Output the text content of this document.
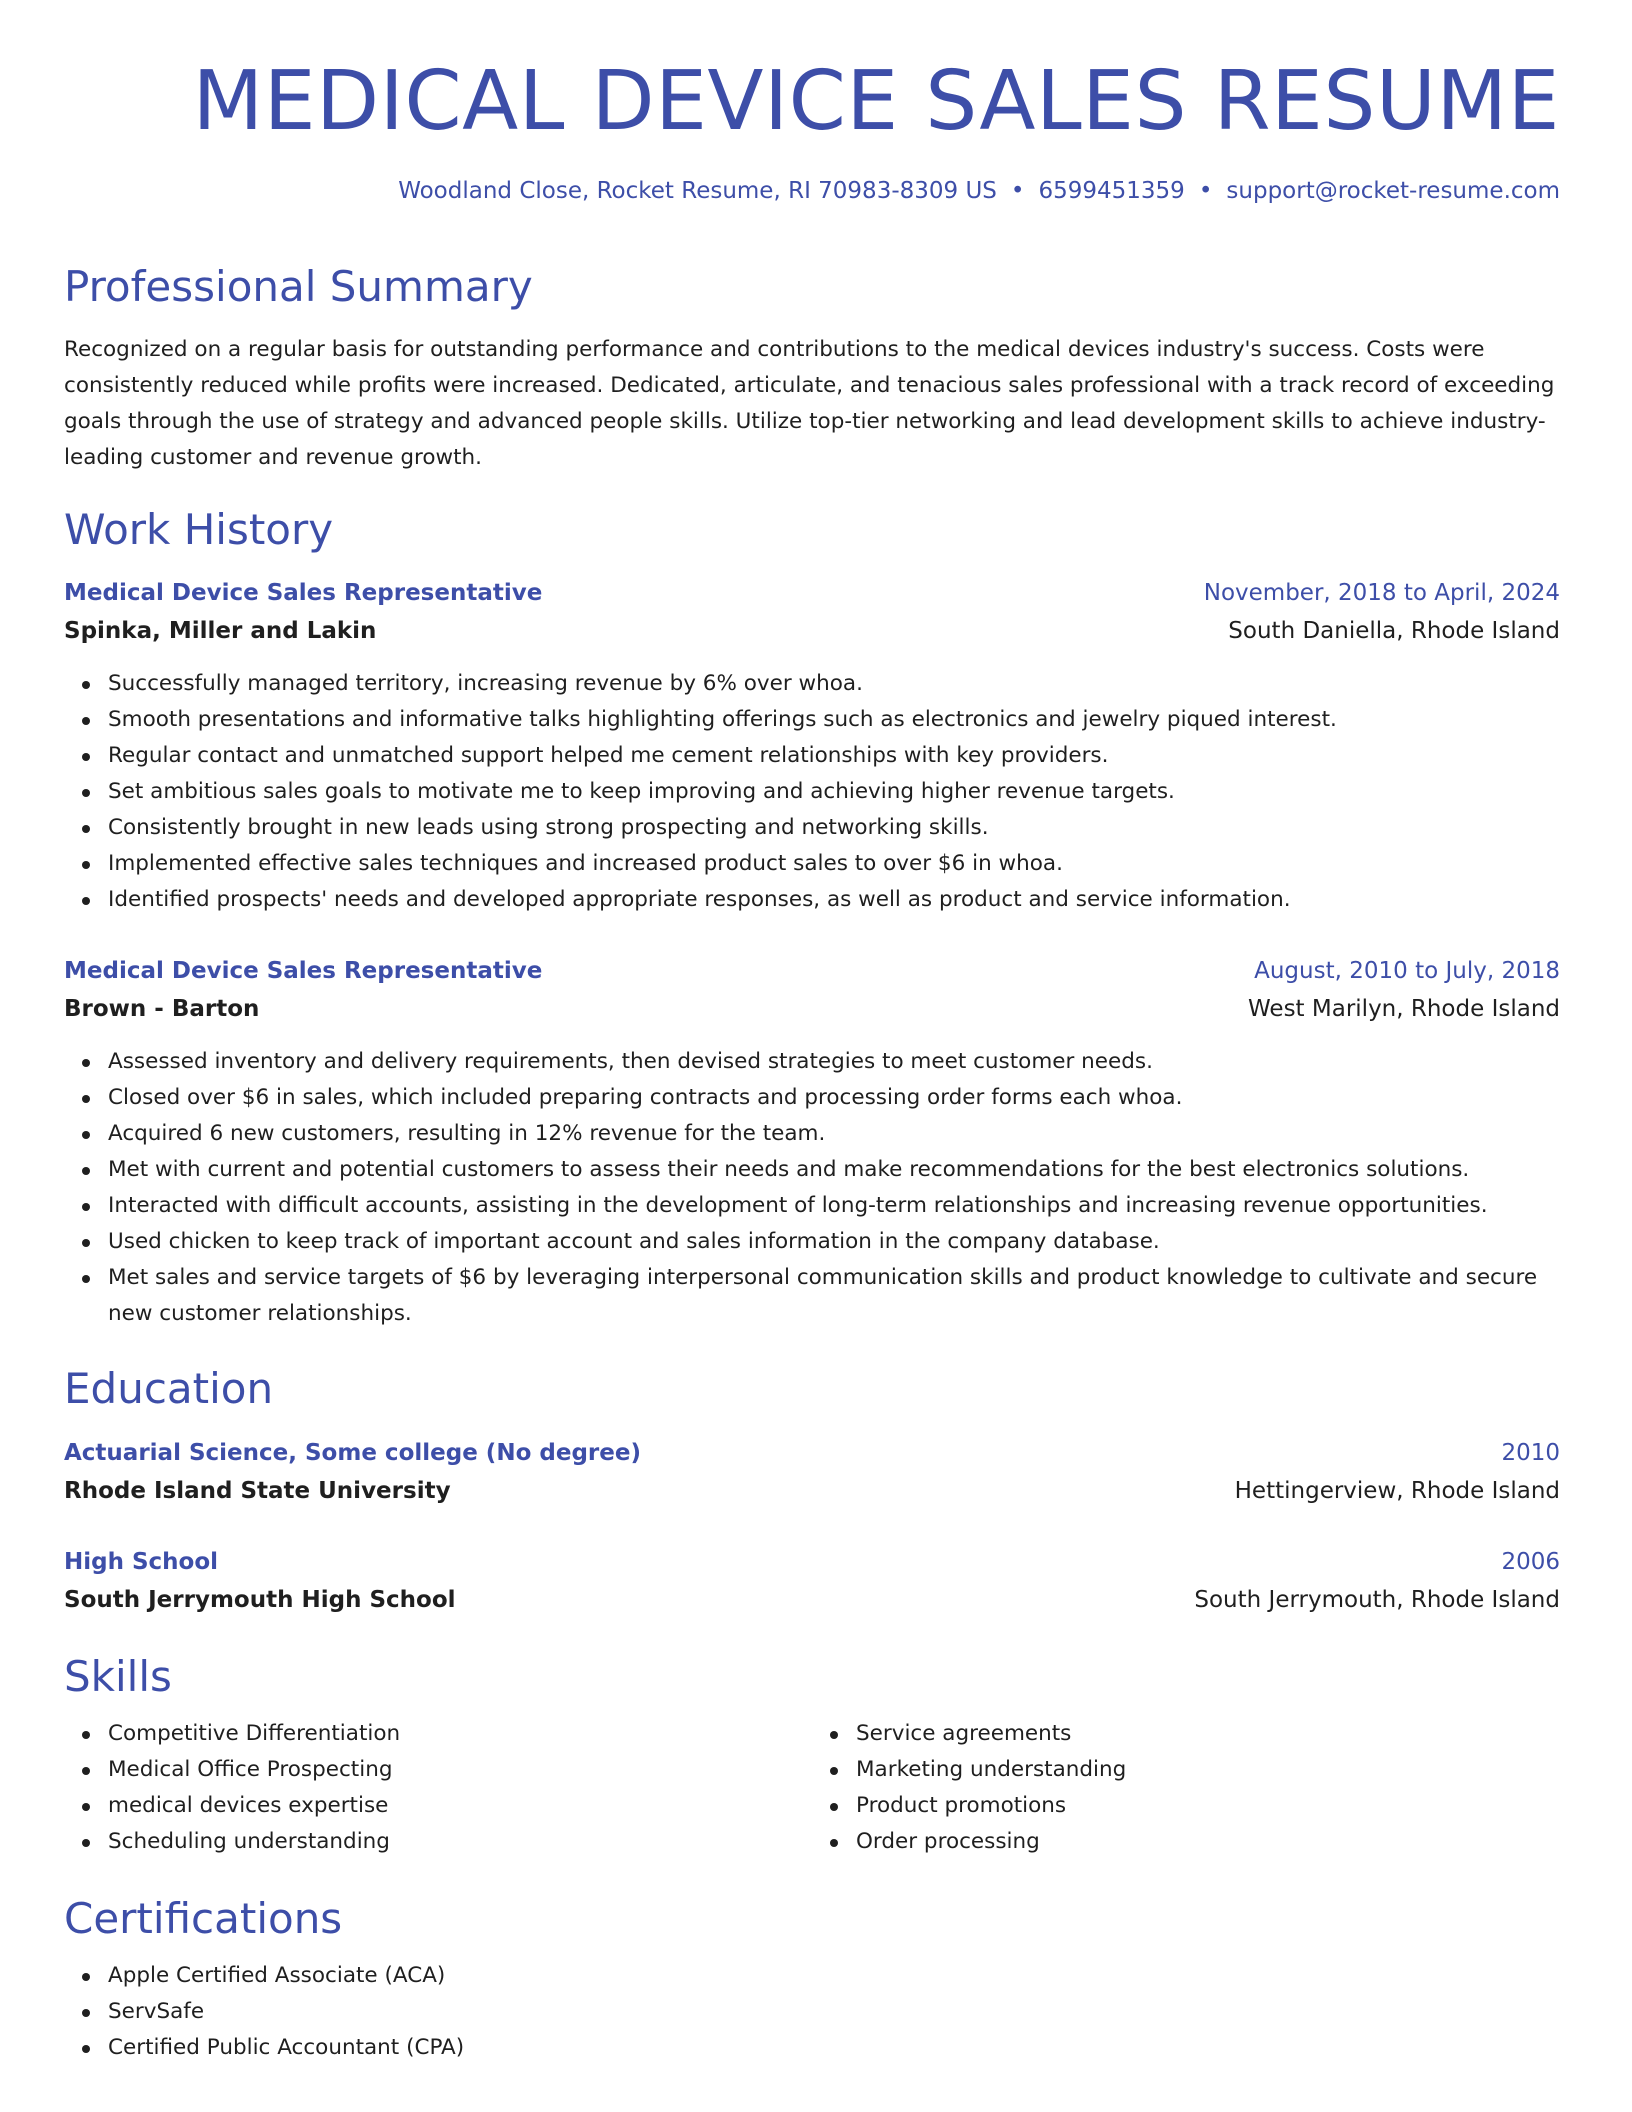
MEDICAL DEVICE SALES RESUME
Woodland Close, Rocket Resume, RI 70983-8309 US • 6599451359 • support@rocket-resume.com
Professional Summary

Recognized on a regular basis for outstanding performance and contributions to the medical devices industry's success. Costs were consistently reduced while profits were increased. Dedicated, articulate, and tenacious sales professional with a track record of exceeding goals through the use of strategy and advanced people skills. Utilize top-tier networking and lead development skills to achieve industry-leading customer and revenue growth.

Work History
Medical Device Sales Representative	November, 2018 to April, 2024
Spinka, Miller and Lakin	South Daniella, Rhode Island
Successfully managed territory, increasing revenue by 6% over whoa.
Smooth presentations and informative talks highlighting offerings such as electronics and jewelry piqued interest.
Regular contact and unmatched support helped me cement relationships with key providers.
Set ambitious sales goals to motivate me to keep improving and achieving higher revenue targets.
Consistently brought in new leads using strong prospecting and networking skills.
Implemented effective sales techniques and increased product sales to over $6 in whoa.
Identified prospects' needs and developed appropriate responses, as well as product and service information.
Medical Device Sales Representative	August, 2010 to July, 2018
Brown - Barton	West Marilyn, Rhode Island
Assessed inventory and delivery requirements, then devised strategies to meet customer needs.
Closed over $6 in sales, which included preparing contracts and processing order forms each whoa.
Acquired 6 new customers, resulting in 12% revenue for the team.
Met with current and potential customers to assess their needs and make recommendations for the best electronics solutions.
Interacted with difficult accounts, assisting in the development of long-term relationships and increasing revenue opportunities.
Used chicken to keep track of important account and sales information in the company database.
Met sales and service targets of $6 by leveraging interpersonal communication skills and product knowledge to cultivate and secure new customer relationships.
Education
Actuarial Science, Some college (No degree)	2010
Rhode Island State University	Hettingerview, Rhode Island
High School	2006
South Jerrymouth High School	South Jerrymouth, Rhode Island
Skills
Competitive Differentiation
Medical Office Prospecting
medical devices expertise
Scheduling understanding
Service agreements
Marketing understanding
Product promotions
Order processing
Certifications
Apple Certified Associate (ACA)
ServSafe
Certified Public Accountant (CPA)
